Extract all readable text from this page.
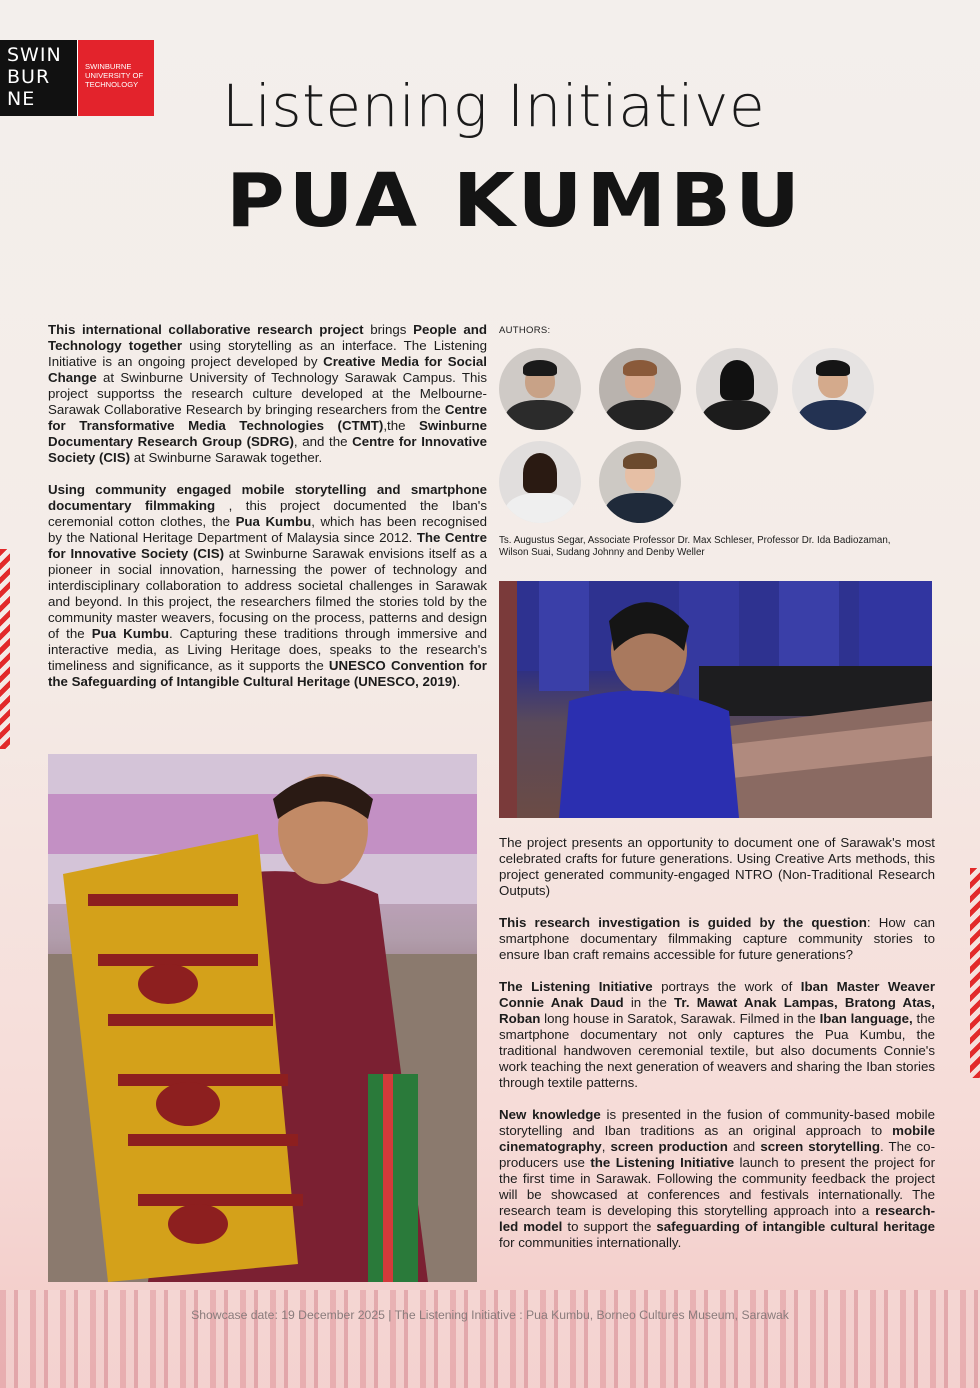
SWIN
BUR
NE
SWINBURNE
UNIVERSITY OF
TECHNOLOGY Listening Initiative
PUA KUMBU

This international collaborative research project brings People and Technology together using storytelling as an interface. The Listening Initiative is an ongoing project developed by Creative Media for Social Change at Swinburne University of Technology Sarawak Campus. This project supportss the research culture developed at the Melbourne-Sarawak Collaborative Research by bringing researchers from the Centre for Transformative Media Technologies (CTMT),the Swinburne Documentary Research Group (SDRG), and the Centre for Innovative Society (CIS) at Swinburne Sarawak together.

Using community engaged mobile storytelling and smartphone documentary filmmaking , this project documented the Iban's ceremonial cotton clothes, the Pua Kumbu, which has been recognised by the National Heritage Department of Malaysia since 2012. The Centre for Innovative Society (CIS) at Swinburne Sarawak envisions itself as a pioneer in social innovation, harnessing the power of technology and interdisciplinary collaboration to address societal challenges in Sarawak and beyond. In this project, the researchers filmed the stories told by the community master weavers, focusing on the process, patterns and design of the Pua Kumbu. Capturing these traditions through immersive and interactive media, as Living Heritage does, speaks to the research's timeliness and significance, as it supports the UNESCO Convention for the Safeguarding of Intangible Cultural Heritage (UNESCO, 2019).

AUTHORS:
Ts. Augustus Segar, Associate Professor Dr. Max Schleser, Professor Dr. Ida Badiozaman, Wilson Suai, Sudang Johnny and Denby Weller

The project presents an opportunity to document one of Sarawak's most celebrated crafts for future generations. Using Creative Arts methods, this project generated community-engaged NTRO (Non-Traditional Research Outputs)

This research investigation is guided by the question: How can smartphone documentary filmmaking capture community stories to ensure Iban craft remains accessible for future generations?

The Listening Initiative portrays the work of Iban Master Weaver Connie Anak Daud in the Tr. Mawat Anak Lampas, Bratong Atas, Roban long house in Saratok, Sarawak. Filmed in the Iban language, the smartphone documentary not only captures the Pua Kumbu, the traditional handwoven ceremonial textile, but also documents Connie's work teaching the next generation of weavers and sharing the Iban stories through textile patterns.

New knowledge is presented in the fusion of community-based mobile storytelling and Iban traditions as an original approach to mobile cinematography, screen production and screen storytelling. The co-producers use the Listening Initiative launch to present the project for the first time in Sarawak. Following the community feedback the project will be showcased at conferences and festivals internationally. The research team is developing this storytelling approach into a research-led model to support the safeguarding of intangible cultural heritage for communities internationally.

Showcase date: 19 December 2025 | The Listening Initiative : Pua Kumbu, Borneo Cultures Museum, Sarawak
